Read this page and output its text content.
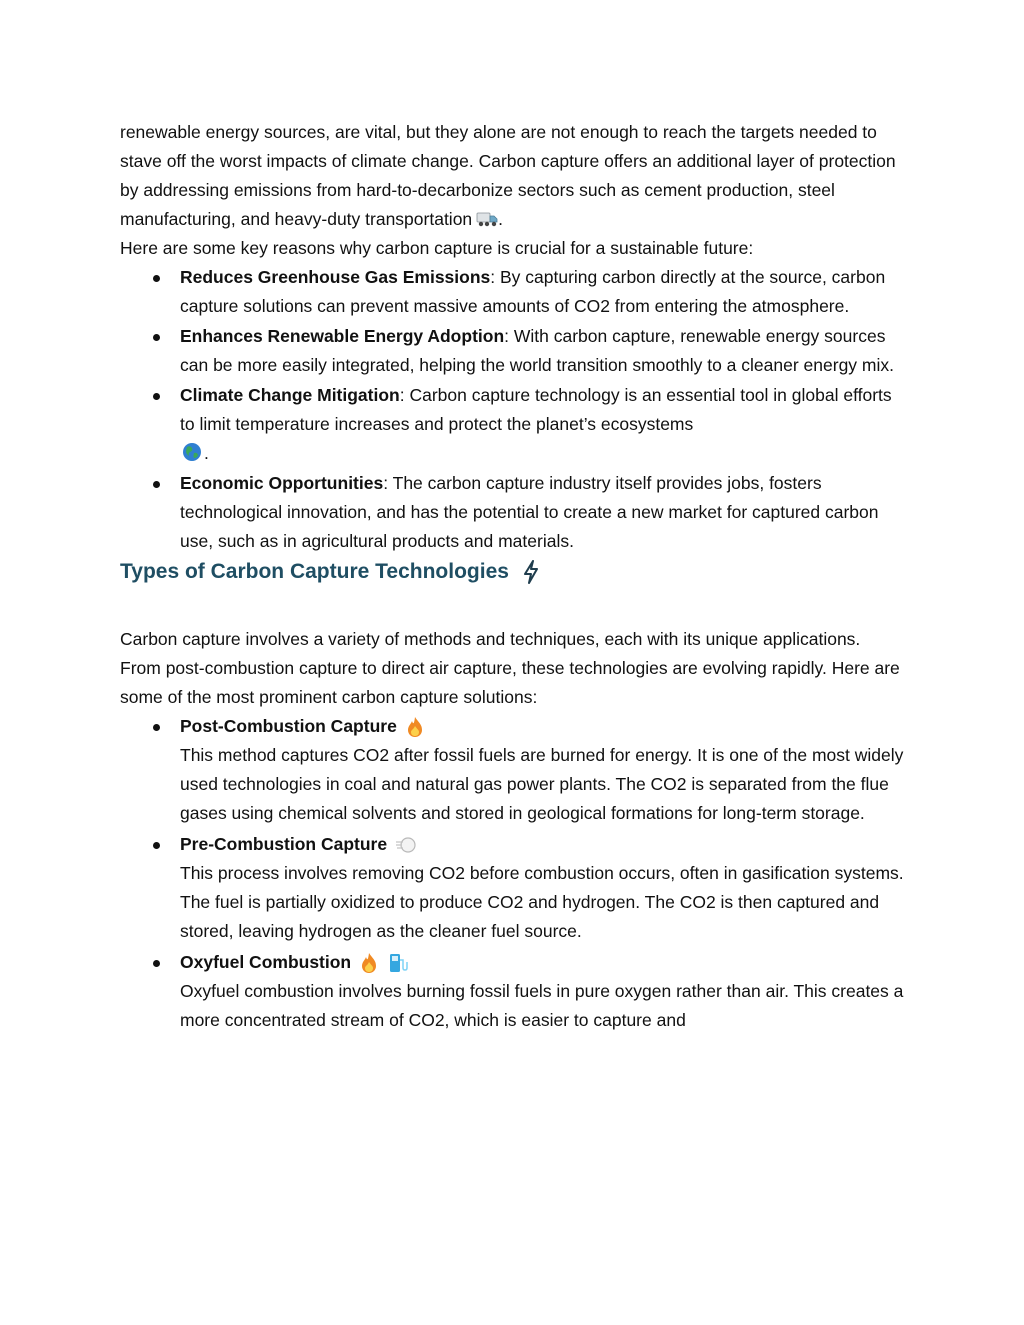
renewable energy sources, are vital, but they alone are not enough to reach the targets needed to stave off the worst impacts of climate change. Carbon capture offers an additional layer of protection by addressing emissions from hard-to-decarbonize sectors such as cement production, steel manufacturing, and heavy-duty transportation .

Here are some key reasons why carbon capture is crucial for a sustainable future:

Reduces Greenhouse Gas Emissions: By capturing carbon directly at the source, carbon capture solutions can prevent massive amounts of CO2 from entering the atmosphere.
Enhances Renewable Energy Adoption: With carbon capture, renewable energy sources can be more easily integrated, helping the world transition smoothly to a cleaner energy mix.
Climate Change Mitigation: Carbon capture technology is an essential tool in global efforts to limit temperature increases and protect the planet’s ecosystems
.
Economic Opportunities: The carbon capture industry itself provides jobs, fosters technological innovation, and has the potential to create a new market for captured carbon use, such as in agricultural products and materials.
Types of Carbon Capture Technologies

Carbon capture involves a variety of methods and techniques, each with its unique applications. From post-combustion capture to direct air capture, these technologies are evolving rapidly. Here are some of the most prominent carbon capture solutions:

Post-Combustion Capture
This method captures CO2 after fossil fuels are burned for energy. It is one of the most widely used technologies in coal and natural gas power plants. The CO2 is separated from the flue gases using chemical solvents and stored in geological formations for long-term storage.
Pre-Combustion Capture
This process involves removing CO2 before combustion occurs, often in gasification systems. The fuel is partially oxidized to produce CO2 and hydrogen. The CO2 is then captured and stored, leaving hydrogen as the cleaner fuel source.
Oxyfuel Combustion
Oxyfuel combustion involves burning fossil fuels in pure oxygen rather than air. This creates a more concentrated stream of CO2, which is easier to capture and
